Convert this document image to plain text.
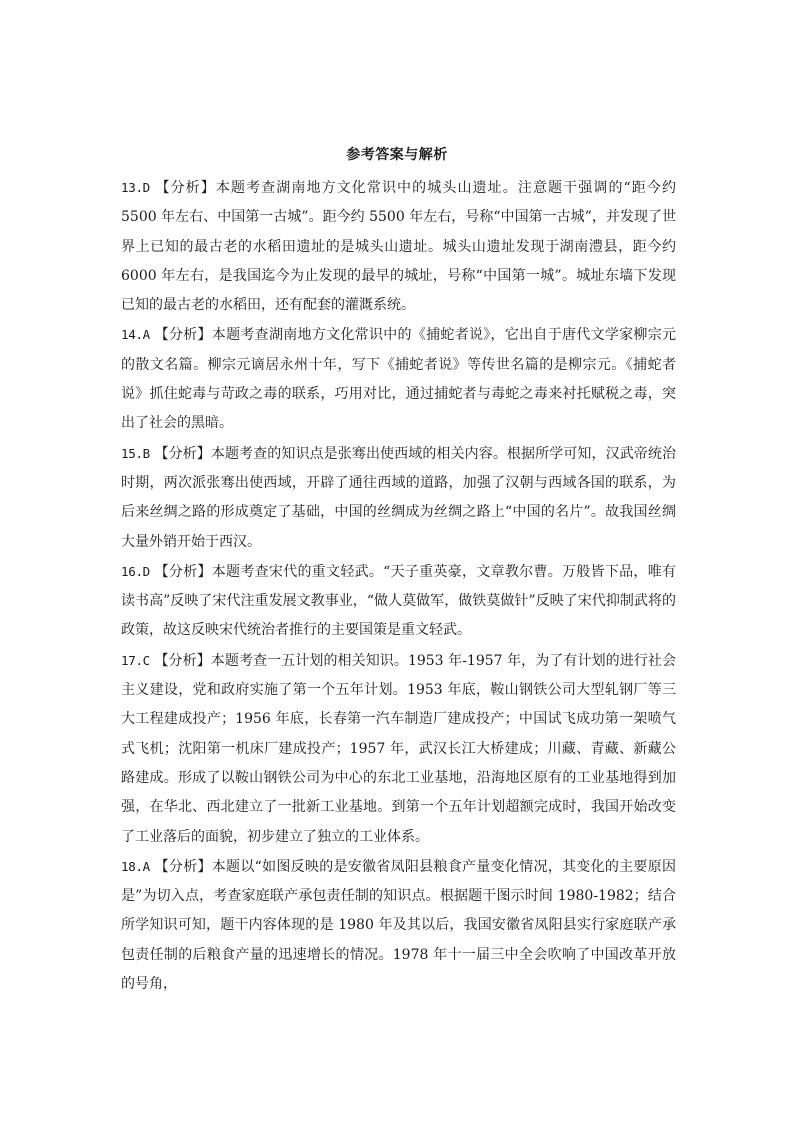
参考答案与解析

13.D 【分析】本题考查湖南地方文化常识中的城头山遗址。注意题干强调的“距今约 5500 年左右、中国第一古城”。距今约 5500 年左右，号称“中国第一古城”，并发现了世界上已知的最古老的水稻田遗址的是城头山遗址。城头山遗址发现于湖南澧县，距今约6000 年左右，是我国迄今为止发现的最早的城址，号称“中国第一城”。城址东墙下发现已知的最古老的水稻田，还有配套的灌溉系统。

14.A 【分析】本题考查湖南地方文化常识中的《捕蛇者说》，它出自于唐代文学家柳宗元的散文名篇。柳宗元谪居永州十年，写下《捕蛇者说》等传世名篇的是柳宗元。《捕蛇者说》抓住蛇毒与苛政之毒的联系，巧用对比，通过捕蛇者与毒蛇之毒来衬托赋税之毒，突出了社会的黑暗。

15.B 【分析】本题考查的知识点是张骞出使西域的相关内容。根据所学可知，汉武帝统治时期，两次派张骞出使西域，开辟了通往西域的道路，加强了汉朝与西域各国的联系，为后来丝绸之路的形成奠定了基础，中国的丝绸成为丝绸之路上“中国的名片”。故我国丝绸大量外销开始于西汉。

16.D 【分析】本题考查宋代的重文轻武。“天子重英豪，文章教尔曹。万般皆下品，唯有读书高”反映了宋代注重发展文教事业，“做人莫做军，做铁莫做针”反映了宋代抑制武将的政策，故这反映宋代统治者推行的主要国策是重文轻武。

17.C 【分析】本题考查一五计划的相关知识。1953 年-1957 年，为了有计划的进行社会主义建设，党和政府实施了第一个五年计划。1953 年底，鞍山钢铁公司大型轧钢厂等三大工程建成投产；1956 年底，长春第一汽车制造厂建成投产；中国试飞成功第一架喷气式飞机；沈阳第一机床厂建成投产；1957 年，武汉长江大桥建成；川藏、青藏、新藏公路建成。形成了以鞍山钢铁公司为中心的东北工业基地，沿海地区原有的工业基地得到加强，在华北、西北建立了一批新工业基地。到第一个五年计划超额完成时，我国开始改变了工业落后的面貌，初步建立了独立的工业体系。

18.A 【分析】本题以“如图反映的是安徽省凤阳县粮食产量变化情况，其变化的主要原因是”为切入点，考查家庭联产承包责任制的知识点。根据题干图示时间 1980-1982；结合所学知识可知，题干内容体现的是 1980 年及其以后，我国安徽省凤阳县实行家庭联产承包责任制的后粮食产量的迅速增长的情况。1978 年十一届三中全会吹响了中国改革开放的号角，
